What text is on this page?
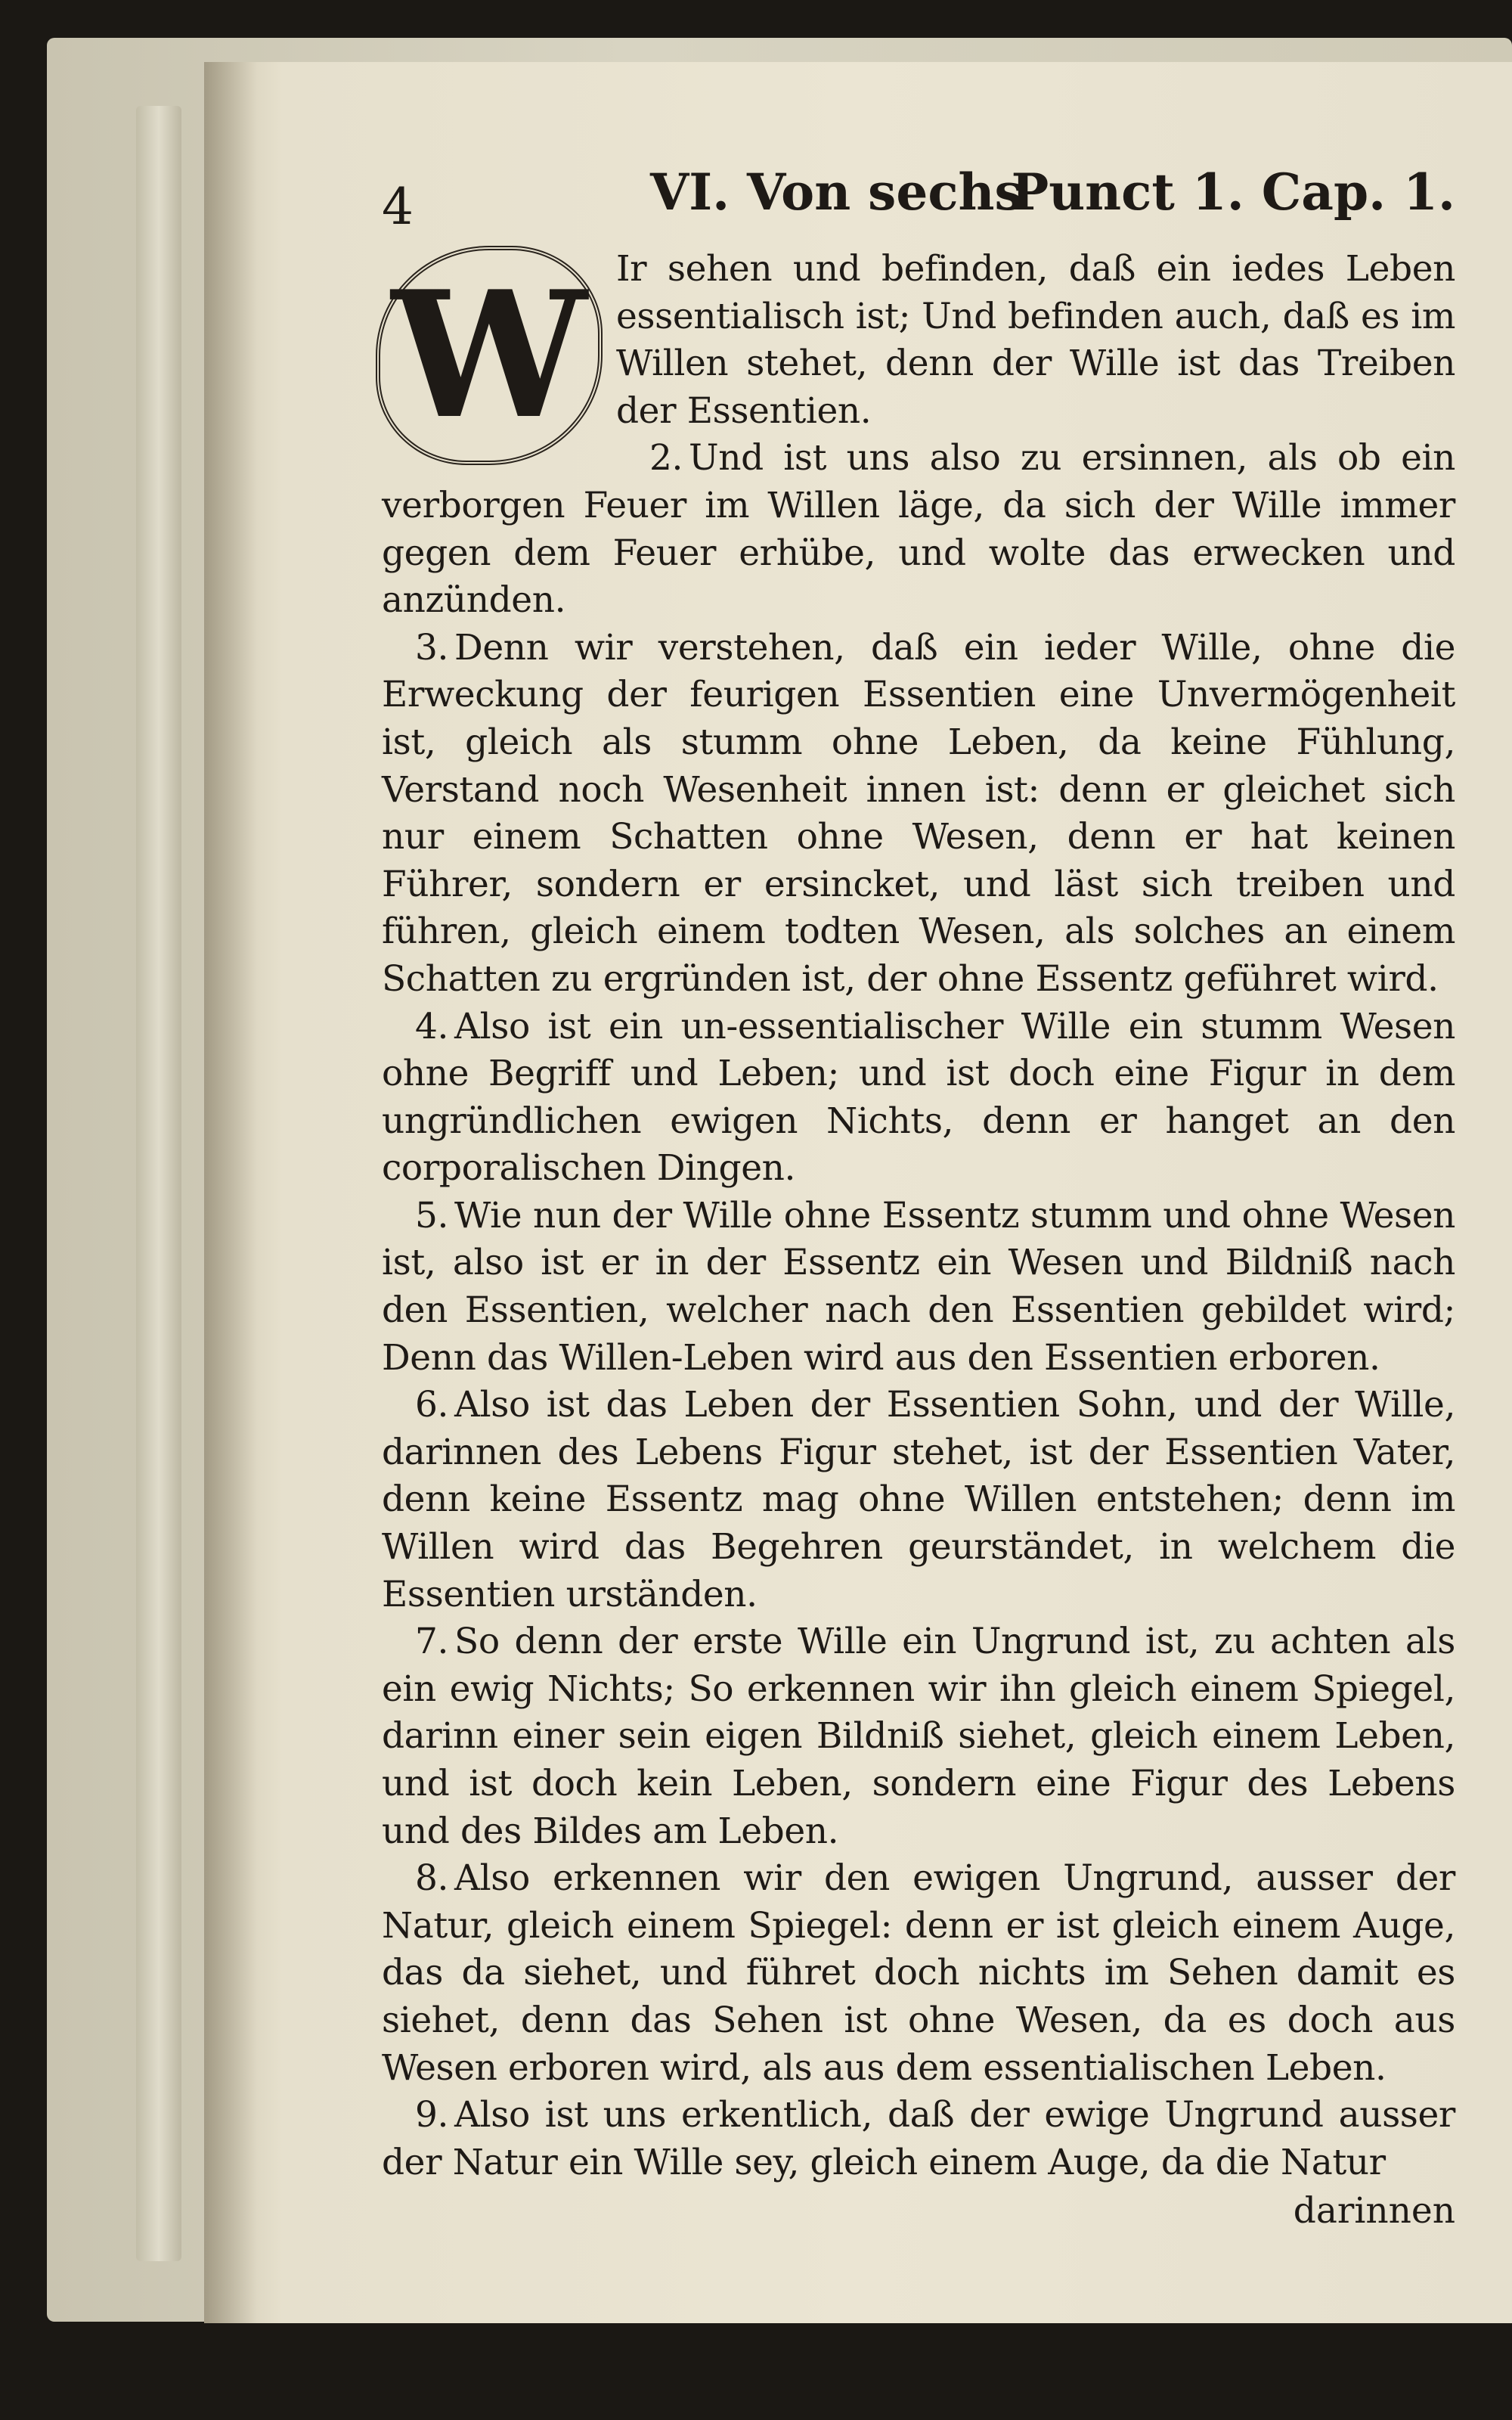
4	VI. Von sechs
Punct 1. Cap. 1.
W Ir sehen und befinden, daß ein iedes Leben essentialisch ist; Und befinden auch, daß es im Willen stehet, denn der Wille ist das Treiben der Essentien.

2. Und ist uns also zu ersinnen, als ob ein verborgen Feuer im Willen läge, da sich der Wille immer gegen dem Feuer erhübe, und wolte das erwecken und anzünden.

3. Denn wir verstehen, daß ein ieder Wille, ohne die Erweckung der feurigen Essentien eine Unvermögenheit ist, gleich als stumm ohne Leben, da keine Fühlung, Verstand noch Wesenheit innen ist: denn er gleichet sich nur einem Schatten ohne Wesen, denn er hat keinen Führer, sondern er ersincket, und läst sich treiben und führen, gleich einem todten Wesen, als solches an einem Schatten zu ergründen ist, der ohne Essentz geführet wird.

4. Also ist ein un-essentialischer Wille ein stumm Wesen ohne Begriff und Leben; und ist doch eine Figur in dem ungründlichen ewigen Nichts, denn er hanget an den corporalischen Dingen.

5. Wie nun der Wille ohne Essentz stumm und ohne Wesen ist, also ist er in der Essentz ein Wesen und Bildniß nach den Essentien, welcher nach den Essentien gebildet wird; Denn das Willen-Leben wird aus den Essentien erboren.

6. Also ist das Leben der Essentien Sohn, und der Wille, darinnen des Lebens Figur stehet, ist der Essentien Vater, denn keine Essentz mag ohne Willen entstehen; denn im Willen wird das Begehren geurständet, in welchem die Essentien urständen.

7. So denn der erste Wille ein Ungrund ist, zu achten als ein ewig Nichts; So erkennen wir ihn gleich einem Spiegel, darinn einer sein eigen Bildniß siehet, gleich einem Leben, und ist doch kein Leben, sondern eine Figur des Lebens und des Bildes am Leben.

8. Also erkennen wir den ewigen Ungrund, ausser der Natur, gleich einem Spiegel: denn er ist gleich einem Auge, das da siehet, und führet doch nichts im Sehen damit es siehet, denn das Sehen ist ohne Wesen, da es doch aus Wesen erboren wird, als aus dem essentialischen Leben.

9. Also ist uns erkentlich, daß der ewige Ungrund ausser der Natur ein Wille sey, gleich einem Auge, da die Natur

darinnen
